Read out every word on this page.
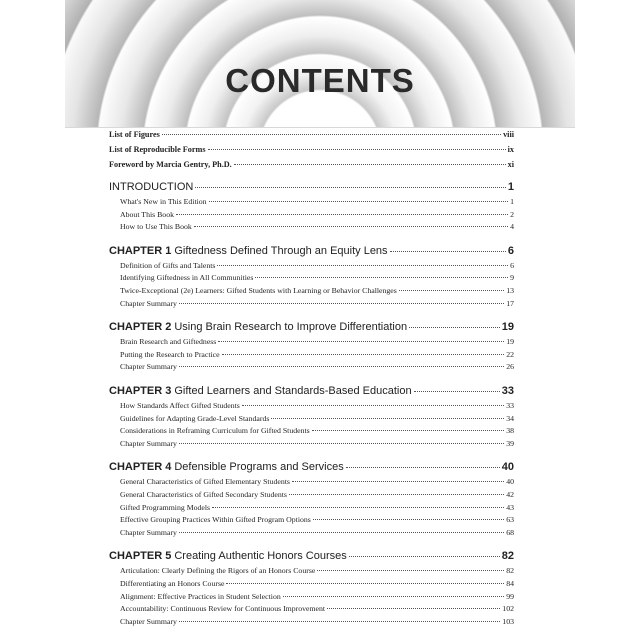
CONTENTS
List of Figures	viii
List of Reproducible Forms	ix
Foreword by Marcia Gentry, Ph.D.	xi
INTRODUCTION	1
What's New in This Edition	1
About This Book	2
How to Use This Book	4
CHAPTER 1 Giftedness Defined Through an Equity Lens	6
Definition of Gifts and Talents	6
Identifying Giftedness in All Communities	9
Twice-Exceptional (2e) Learners: Gifted Students with Learning or Behavior Challenges	13
Chapter Summary	17
CHAPTER 2 Using Brain Research to Improve Differentiation	19
Brain Research and Giftedness	19
Putting the Research to Practice	22
Chapter Summary	26
CHAPTER 3 Gifted Learners and Standards-Based Education	33
How Standards Affect Gifted Students	33
Guidelines for Adapting Grade-Level Standards	34
Considerations in Reframing Curriculum for Gifted Students	38
Chapter Summary	39
CHAPTER 4 Defensible Programs and Services	40
General Characteristics of Gifted Elementary Students	40
General Characteristics of Gifted Secondary Students	42
Gifted Programming Models	43
Effective Grouping Practices Within Gifted Program Options	63
Chapter Summary	68
CHAPTER 5 Creating Authentic Honors Courses	82
Articulation: Clearly Defining the Rigors of an Honors Course	82
Differentiating an Honors Course	84
Alignment: Effective Practices in Student Selection	99
Accountability: Continuous Review for Continuous Improvement	102
Chapter Summary	103
